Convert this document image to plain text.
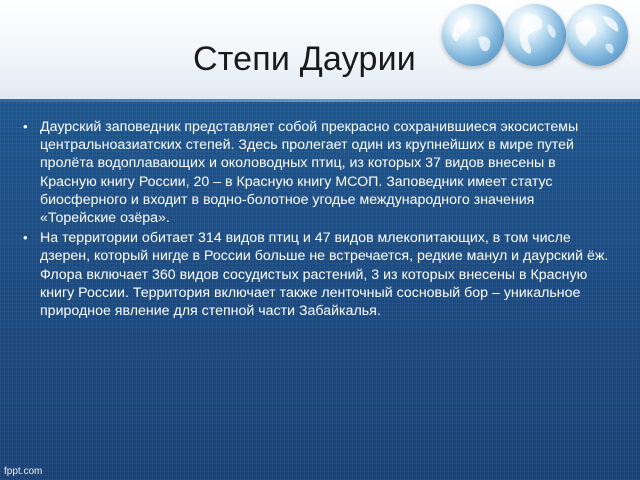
Степи Даурии
• Даурский заповедник представляет собой прекрасно сохранившиеся экосистемы центральноазиатских степей. Здесь пролегает один из крупнейших в мире путей пролёта водоплавающих и околоводных птиц, из которых 37 видов внесены в Красную книгу России, 20 – в Красную книгу МСОП. Заповедник имеет статус биосферного и входит в водно-болотное угодье международного значения «Торейские озёра».
• На территории обитает 314 видов птиц и 47 видов млекопитающих, в том числе дзерен, который нигде в России больше не встречается, редкие манул и даурский ёж. Флора включает 360 видов сосудистых растений, 3 из которых внесены в Красную книгу России. Территория включает также ленточный сосновый бор – уникальное природное явление для степной части Забайкалья.
fppt.com
